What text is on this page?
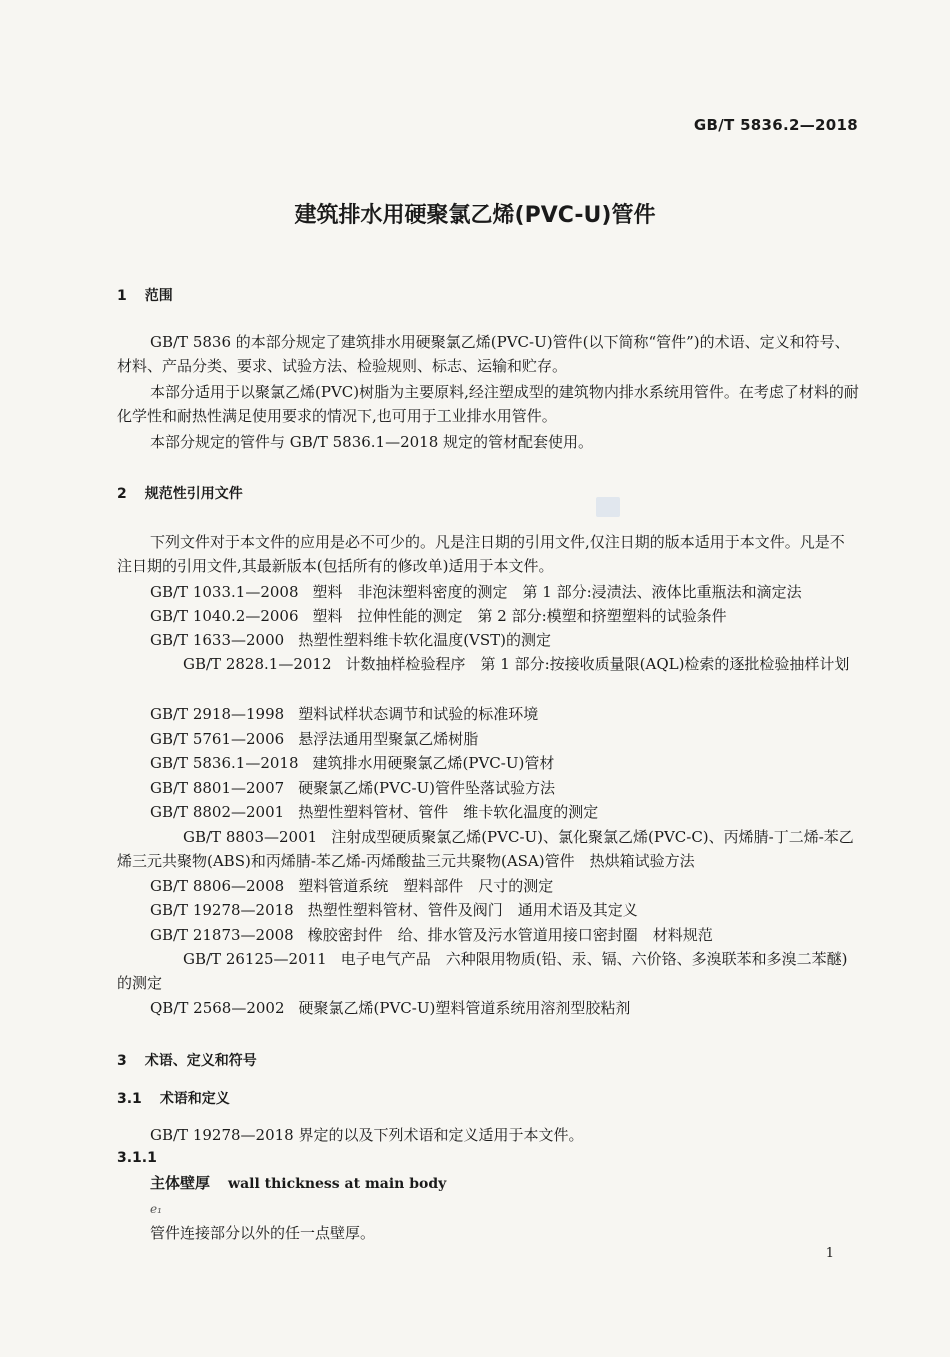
GB/T 5836.2—2018
建筑排水用硬聚氯乙烯(PVC-U)管件
1 范围
GB/T 5836 的本部分规定了建筑排水用硬聚氯乙烯(PVC-U)管件(以下简称“管件”)的术语、定义和符号、材料、产品分类、要求、试验方法、检验规则、标志、运输和贮存。
本部分适用于以聚氯乙烯(PVC)树脂为主要原料,经注塑成型的建筑物内排水系统用管件。在考虑了材料的耐化学性和耐热性满足使用要求的情况下,也可用于工业排水用管件。
本部分规定的管件与 GB/T 5836.1—2018 规定的管材配套使用。
2 规范性引用文件
下列文件对于本文件的应用是必不可少的。凡是注日期的引用文件,仅注日期的版本适用于本文件。凡是不注日期的引用文件,其最新版本(包括所有的修改单)适用于本文件。
GB/T 1033.1—2008 塑料　非泡沫塑料密度的测定　第 1 部分:浸渍法、液体比重瓶法和滴定法
GB/T 1040.2—2006 塑料　拉伸性能的测定　第 2 部分:模塑和挤塑塑料的试验条件
GB/T 1633—2000 热塑性塑料维卡软化温度(VST)的测定
GB/T 2828.1—2012 计数抽样检验程序　第 1 部分:按接收质量限(AQL)检索的逐批检验抽样计划
GB/T 2918—1998 塑料试样状态调节和试验的标准环境
GB/T 5761—2006 悬浮法通用型聚氯乙烯树脂
GB/T 5836.1—2018 建筑排水用硬聚氯乙烯(PVC-U)管材
GB/T 8801—2007 硬聚氯乙烯(PVC-U)管件坠落试验方法
GB/T 8802—2001 热塑性塑料管材、管件　维卡软化温度的测定
GB/T 8803—2001 注射成型硬质聚氯乙烯(PVC-U)、氯化聚氯乙烯(PVC-C)、丙烯腈-丁二烯-苯乙烯三元共聚物(ABS)和丙烯腈-苯乙烯-丙烯酸盐三元共聚物(ASA)管件　热烘箱试验方法
GB/T 8806—2008 塑料管道系统　塑料部件　尺寸的测定
GB/T 19278—2018 热塑性塑料管材、管件及阀门　通用术语及其定义
GB/T 21873—2008 橡胶密封件　给、排水管及污水管道用接口密封圈　材料规范
GB/T 26125—2011 电子电气产品　六种限用物质(铅、汞、镉、六价铬、多溴联苯和多溴二苯醚)的测定
QB/T 2568—2002 硬聚氯乙烯(PVC-U)塑料管道系统用溶剂型胶粘剂
3 术语、定义和符号
3.1 术语和定义
GB/T 19278—2018 界定的以及下列术语和定义适用于本文件。
3.1.1
主体壁厚 wall thickness at main body
e₁
管件连接部分以外的任一点壁厚。
1
